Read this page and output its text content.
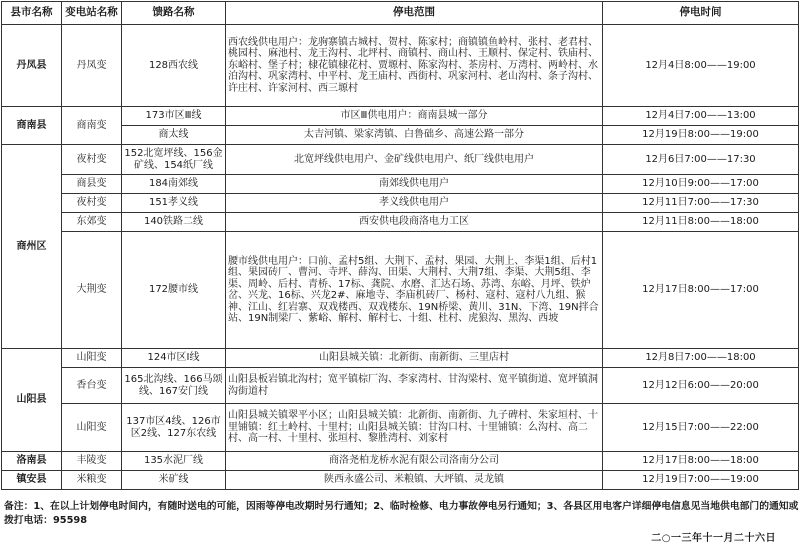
县市名称	变电站名称	馈路名称	停电范围	停电时间
丹凤县	丹凤变	128西农线	西农线供电用户：龙驹寨镇古城村、贺村、陈家村；商镇镇鱼岭村、张村、老君村、桃园村、麻池村、龙王沟村、北坪村、商镇村、商山村、王顺村、保定村、铁庙村、东峪村、堡子村；棣花镇棣花村、贾塬村、陈家沟村、茶房村、万湾村、两岭村、水泊沟村、巩家湾村、中平村、龙王庙村、西街村、巩家河村、老山沟村、条子沟村、许庄村、许家河村、西三塬村	12月4日8:00——19:00
商南县	商南变	173市区Ⅲ线	市区Ⅲ供电用户：商南县城一部分	12月4日7:00——13:00
		商太线	太吉河镇、梁家湾镇、白鲁础乡、高速公路一部分	12月19日8:00——19:00
商州区	夜村变	152北宽坪线、156金矿线、154纸厂线	北宽坪线供电用户、金矿线供电用户、纸厂线供电用户	12月6日7:00——17:30
	商县变	184南郊线	南郊线供电用户	12月10日9:00——17:00
	夜村变	151孝义线	孝义线供电用户	12月11日7:00——17:30
	东郊变	140铁路二线	西安供电段商洛电力工区	12月11日8:00——18:00
	大荆变	172腰市线	腰市线供电用户：口前、孟村5组、大荆下、孟村、果园、大荆上、李渠1组、后村1组、果园砖厂、曹河、寺坪、薛沟、田渠、大荆村、大荆7组、李渠、大荆5组、李渠、周岭、后村、青桥、17标、龚院、水磨、汇达石场、苏湾、东峪、月坪、铁炉岔、兴龙、16标、兴龙2#、麻地寺、李庙机砖厂、杨村、寇村、寇村八九组、猴神、江山、红岩寨、双戏楼西、双戏楼东、19N桥梁、黄川、31N、下湾、19N拌合站、19N制梁厂、紫峪、解村、解村七、十组、杜村、虎狼沟、黑沟、西坡	12月17日8:00——17:00
山阳县	山阳变	124市区Ⅰ线	山阳县城关镇：北新街、南新街、三里店村	12月8日7:00——18:00
	香台变	165北沟线、166马颂线、167安门线	山阳县板岩镇北沟村；宽平镇棕厂沟、李家湾村、甘沟梁村、宽平镇街道、宽坪镇洞沟街道村	12月12日6:00——20:00
	山阳变	137市区4线、126市区2线、127东农线	山阳县城关镇翠平小区；山阳县城关镇：北新街、南新街、九子碑村、朱家垣村、十里铺镇：红土岭村、十里村；山阳县城关镇：甘沟口村、十里铺镇：么沟村、高二村、高一村、十里村、张垣村、黎胜湾村、刘家村	12月15日7:00——22:00
洛南县	丰陵变	135水泥厂线	商洛尧柏龙桥水泥有限公司洛南分公司	12月17日8:00——18:00
镇安县	米粮变	米矿线	陕西永盛公司、米粮镇、大坪镇、灵龙镇	12月19日7:00——19:00
备注：1、在以上计划停电时间内，有随时送电的可能，因雨等停电改期时另行通知；2、临时检修、电力事故停电另行通知；3、各县区用电客户详细停电信息见当地供电部门的通知或拨打电话：95598
二○一三年十一月二十六日
